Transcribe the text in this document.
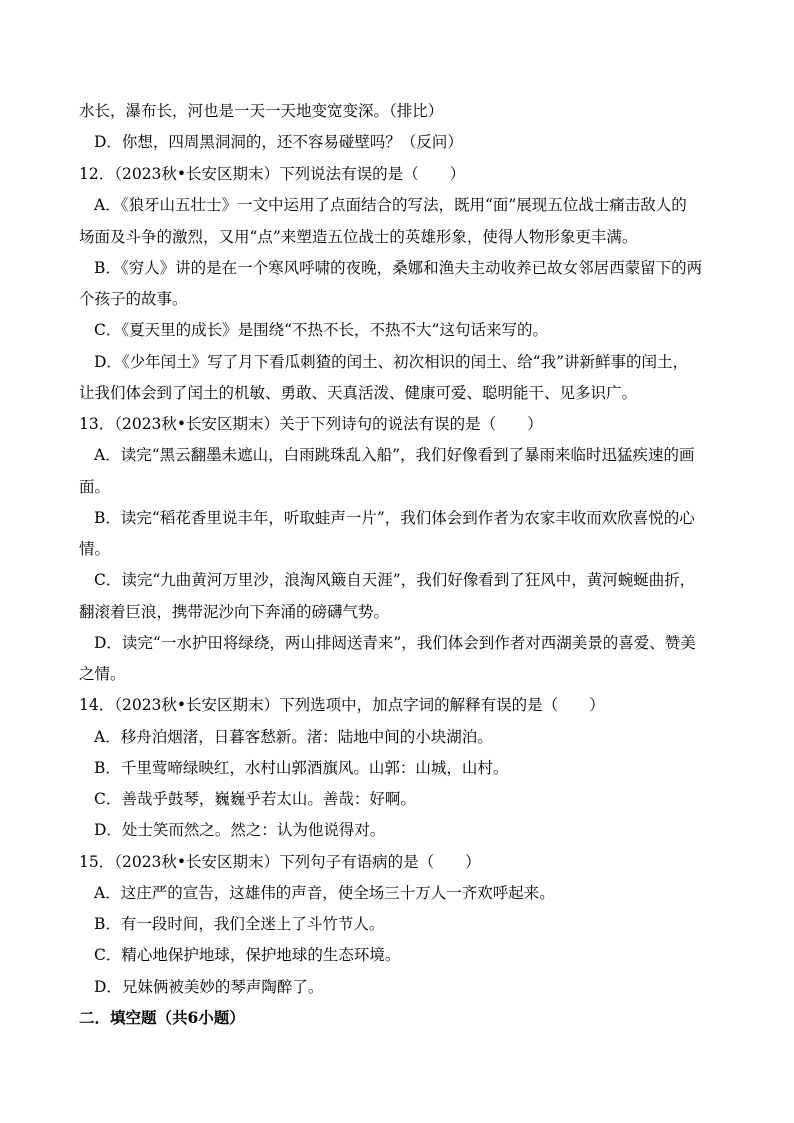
水长，瀑布长，河也是一天一天地变宽变深。（排比）
D．你想，四周黑洞洞的，还不容易碰壁吗？（反问）
12．（2023秋•长安区期末）下列说法有误的是（　　）
A．《狼牙山五壮士》一文中运用了点面结合的写法，既用“面”展现五位战士痛击敌人的
场面及斗争的激烈，又用“点”来塑造五位战士的英雄形象，使得人物形象更丰满。
B．《穷人》讲的是在一个寒风呼啸的夜晚，桑娜和渔夫主动收养已故女邻居西蒙留下的两
个孩子的故事。
C．《夏天里的成长》是围绕“不热不长，不热不大”这句话来写的。
D．《少年闰土》写了月下看瓜刺猹的闰土、初次相识的闰土、给“我”讲新鲜事的闰土，
让我们体会到了闰土的机敏、勇敢、天真活泼、健康可爱、聪明能干、见多识广。
13．（2023秋•长安区期末）关于下列诗句的说法有误的是（　　）
A．读完“黑云翻墨未遮山，白雨跳珠乱入船”，我们好像看到了暴雨来临时迅猛疾速的画
面。
B．读完“稻花香里说丰年，听取蛙声一片”，我们体会到作者为农家丰收而欢欣喜悦的心
情。
C．读完“九曲黄河万里沙，浪淘风簸自天涯”，我们好像看到了狂风中，黄河蜿蜒曲折，
翻滚着巨浪，携带泥沙向下奔涌的磅礴气势。
D．读完“一水护田将绿绕，两山排闼送青来”，我们体会到作者对西湖美景的喜爱、赞美
之情。
14．（2023秋•长安区期末）下列选项中，加点字词的解释有误的是（　　）
A．移舟泊烟渚，日暮客愁新。渚：陆地中间的小块湖泊。
B．千里莺啼绿映红，水村山郭酒旗风。山郭：山城，山村。
C．善哉乎鼓琴，巍巍乎若太山。善哉：好啊。
D．处士笑而然之。然之：认为他说得对。
15．（2023秋•长安区期末）下列句子有语病的是（　　）
A．这庄严的宣告，这雄伟的声音，使全场三十万人一齐欢呼起来。
B．有一段时间，我们全迷上了斗竹节人。
C．精心地保护地球，保护地球的生态环境。
D．兄妹俩被美妙的琴声陶醉了。
二．填空题（共6小题）
